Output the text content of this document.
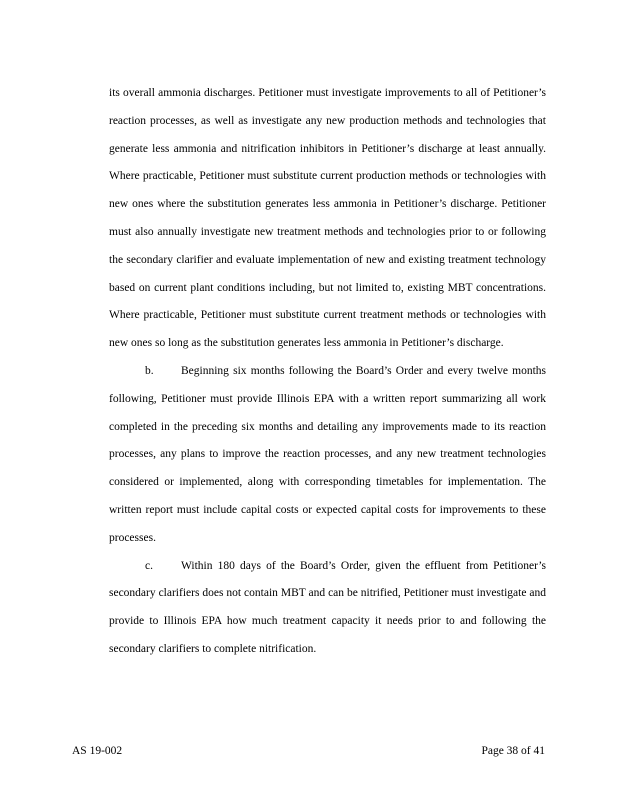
its overall ammonia discharges. Petitioner must investigate improvements to all of Petitioner’s reaction processes, as well as investigate any new production methods and technologies that generate less ammonia and nitrification inhibitors in Petitioner’s discharge at least annually. Where practicable, Petitioner must substitute current production methods or technologies with new ones where the substitution generates less ammonia in Petitioner’s discharge. Petitioner must also annually investigate new treatment methods and technologies prior to or following the secondary clarifier and evaluate implementation of new and existing treatment technology based on current plant conditions including, but not limited to, existing MBT concentrations. Where practicable, Petitioner must substitute current treatment methods or technologies with new ones so long as the substitution generates less ammonia in Petitioner’s discharge.

b. Beginning six months following the Board’s Order and every twelve months following, Petitioner must provide Illinois EPA with a written report summarizing all work completed in the preceding six months and detailing any improvements made to its reaction processes, any plans to improve the reaction processes, and any new treatment technologies considered or implemented, along with corresponding timetables for implementation. The written report must include capital costs or expected capital costs for improvements to these processes.

c. Within 180 days of the Board’s Order, given the effluent from Petitioner’s secondary clarifiers does not contain MBT and can be nitrified, Petitioner must investigate and provide to Illinois EPA how much treatment capacity it needs prior to and following the secondary clarifiers to complete nitrification.

AS 19-002	Page 38 of 41
